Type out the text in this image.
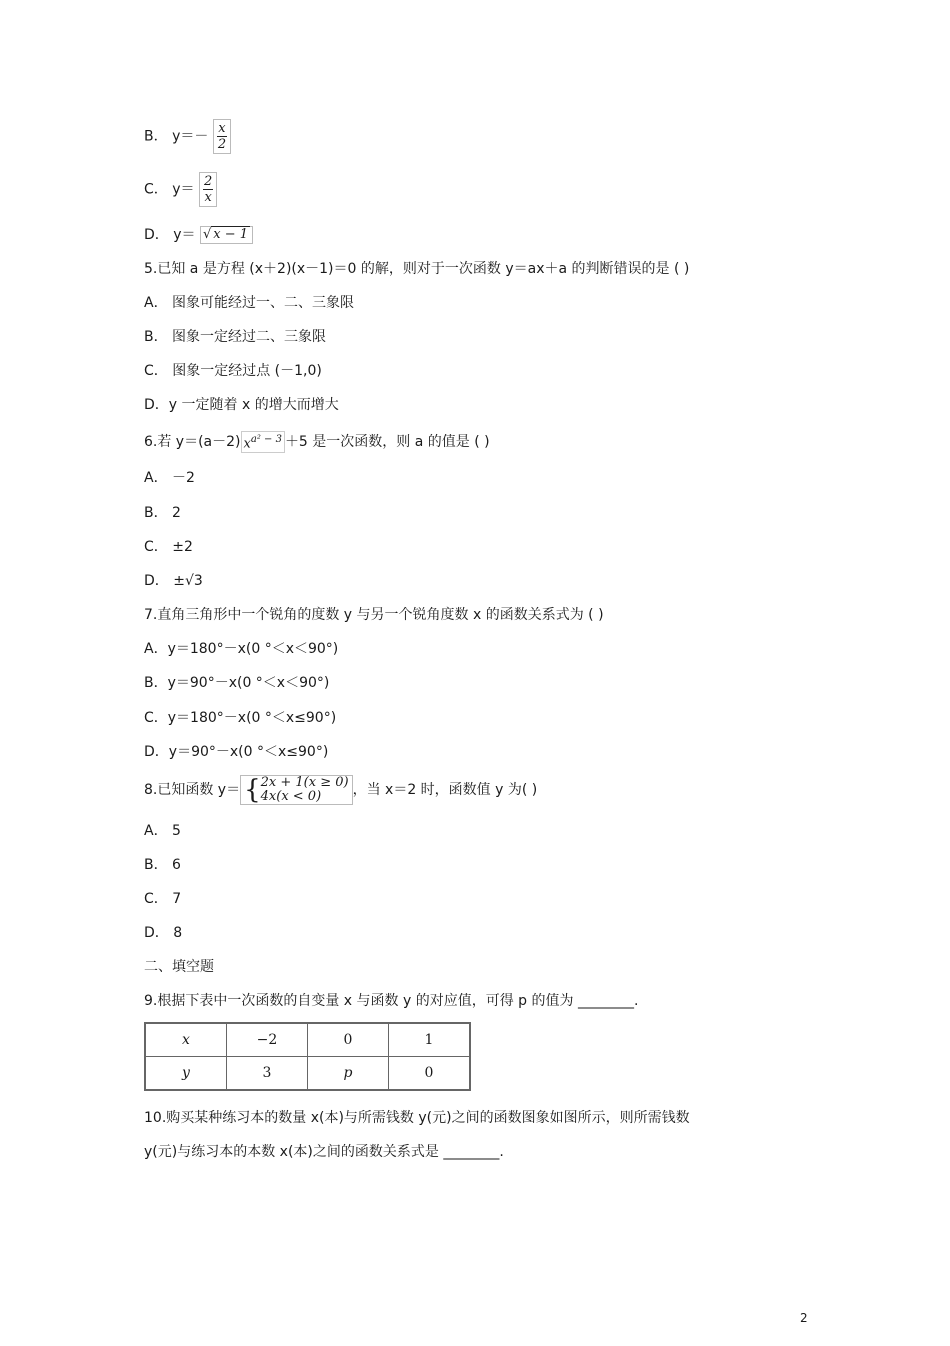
B． $y=- \frac{x}{2}$
C． $y= \frac{2}{x}$
D． y＝ √ x − 1
5.已知 a 是方程 (x＋2)(x－1)＝0 的解，则对于一次函数 y＝ax＋a 的判断错误的是 ( )
A． 图象可能经过一、二、三象限
B． 图象一定经过二、三象限
C． 图象一定经过点 (－1,0)
D．y 一定随着 x 的增大而增大
6.若 y＝(a－2) $x^{a^2 - 3} +5$ 是一次函数，则 a 的值是 ( )
A． －2
B． 2
C． ±2
D． ±√3
7.直角三角形中一个锐角的度数 y 与另一个锐角度数 x 的函数关系式为 ( )
A．y＝180°－x(0 °＜x＜90°)
B．y＝90°－x(0 °＜x＜90°)
C．y＝180°－x(0 °＜x≤90°)
D．y＝90°－x(0 °＜x≤90°)
8.已知函数 y＝ { 2x + 1(x ≥ 0)
4x(x < 0)	，当 x＝2 时，函数值 y 为( )
A． 5
B． 6
C． 7
D． 8
二、填空题
9.根据下表中一次函数的自变量 x 与函数 y 的对应值，可得 p 的值为 ________.
x	−2	0	1
y	3	p	0
10.购买某种练习本的数量 x(本)与所需钱数 y(元)之间的函数图象如图所示，则所需钱数
y(元)与练习本的本数 x(本)之间的函数关系式是 ________.
2
